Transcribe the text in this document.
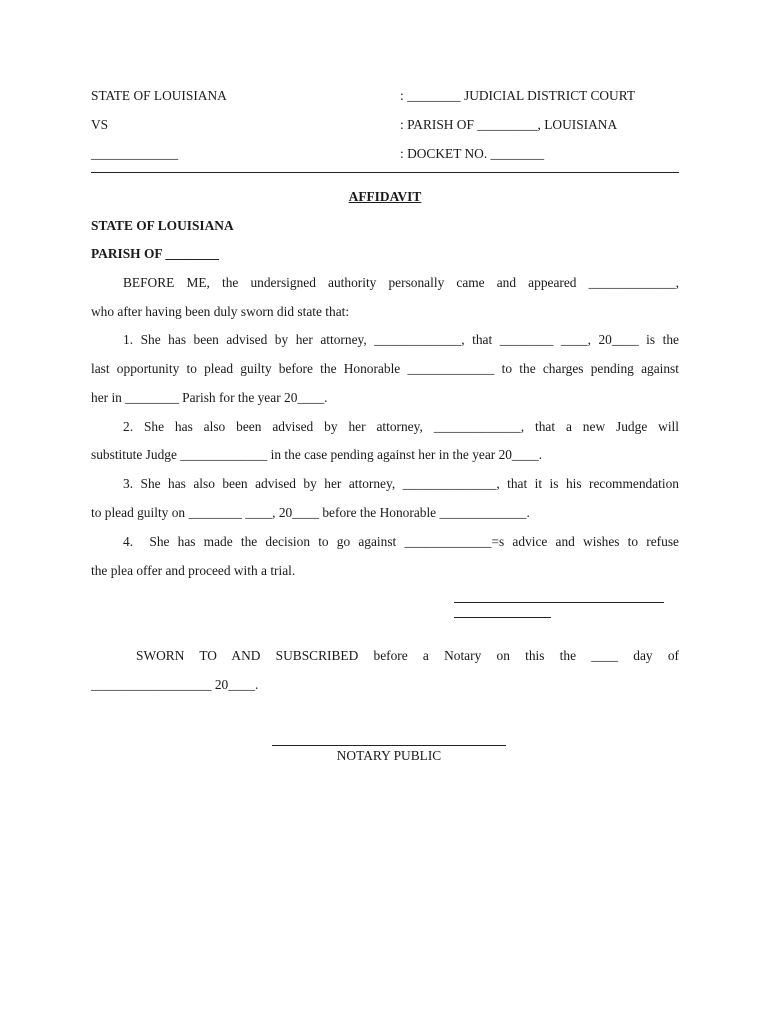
STATE OF LOUISIANA	: ________ JUDICIAL DISTRICT COURT
VS	: PARISH OF _________, LOUISIANA
_____________	: DOCKET NO. ________
AFFIDAVIT
STATE OF LOUISIANA
PARISH OF ________
BEFORE ME, the undersigned authority personally came and appeared _____________,
who after having been duly sworn did state that:
1. She has been advised by her attorney, _____________, that ________ ____, 20____ is the
last opportunity to plead guilty before the Honorable _____________ to the charges pending against
her in ________ Parish for the year 20____.
2. She has also been advised by her attorney, _____________, that a new Judge will
substitute Judge _____________ in the case pending against her in the year 20____.
3. She has also been advised by her attorney, ______________, that it is his recommendation
to plead guilty on ________ ____, 20____ before the Honorable _____________.
4.  She has made the decision to go against _____________=s advice and wishes to refuse
the plea offer and proceed with a trial.
SWORN TO AND SUBSCRIBED before a Notary on this the ____ day of
__________________ 20____.
NOTARY PUBLIC
